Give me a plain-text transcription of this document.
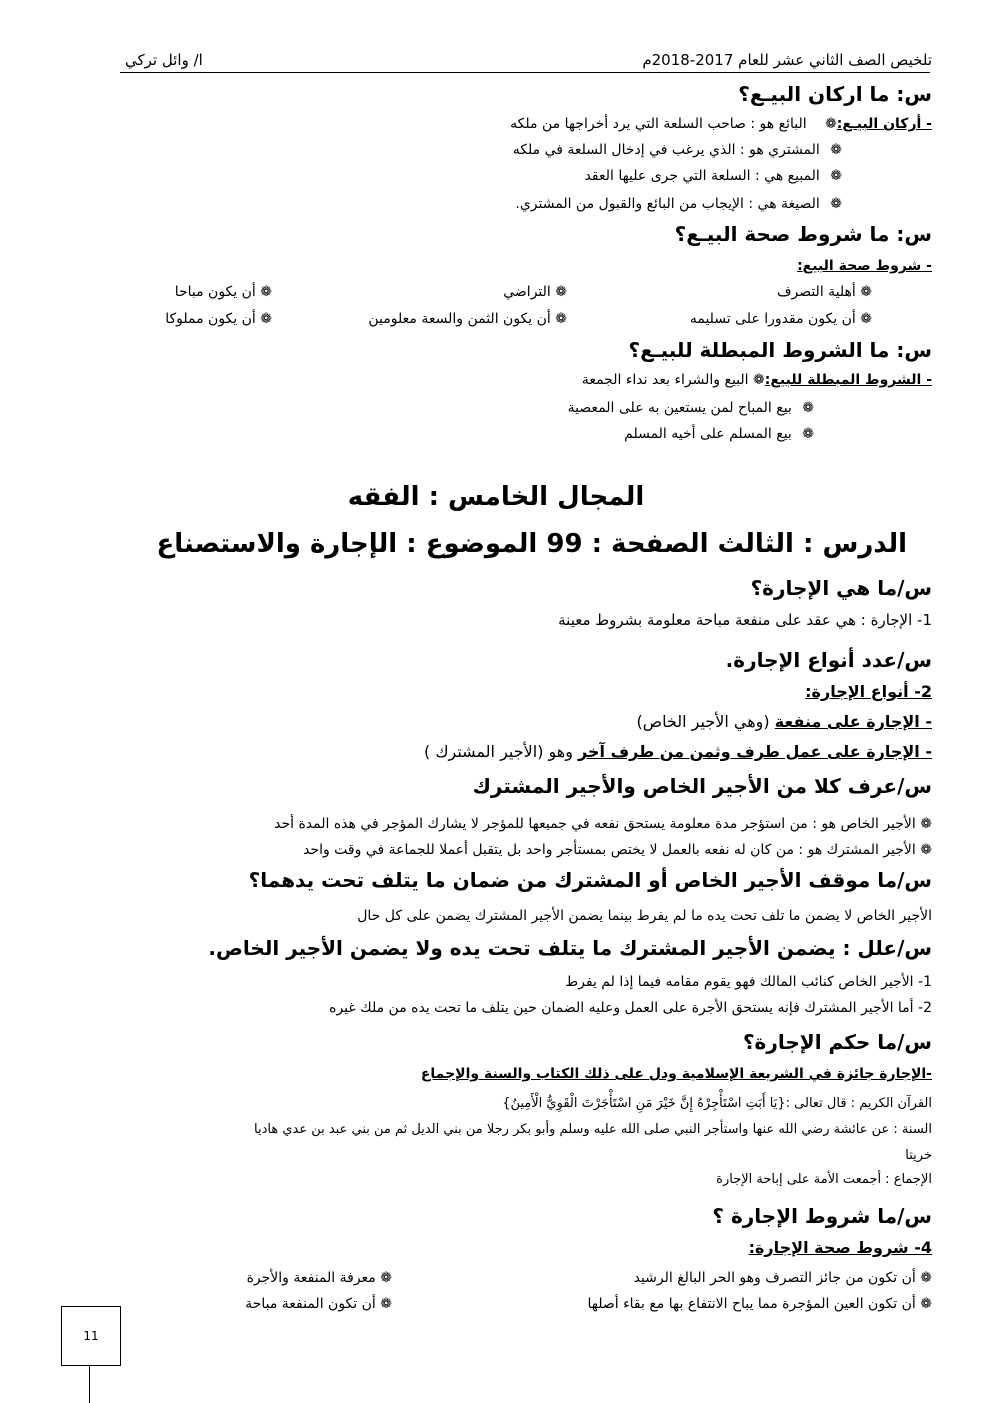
تلخيص الصف الثاني عشر للعام 2017-2018م
ا/ وائل تركي
س: ما اركان البيـع؟
- أركان البيـع:❁ البائع هو : صاحب السلعة التي يرد أخراجها من ملكه
❁ المشتري هو : الذي يرغب في إدخال السلعة في ملكه
❁ المبيع هي : السلعة التي جرى عليها العقد
❁ الصيغة هي : الإيجاب من البائع والقبول من المشتري.
س: ما شروط صحة البيـع؟
- شروط صحة البيع:
❁ أهلية التصرف
❁ التراضي
❁ أن يكون مباحا
❁ أن يكون مقدورا على تسليمه
❁ أن يكون الثمن والسعة معلومين
❁ أن يكون مملوكا
س: ما الشروط المبطلة للبيـع؟
- الشروط المبطلة للبيع:❁ البيع والشراء بعد نداء الجمعة
❁ بيع المباح لمن يستعين به على المعصية
❁ بيع المسلم على أخيه المسلم
المجال الخامس : الفقه
الدرس : الثالث الصفحة : 99 الموضوع : الإجارة والاستصناع
س/ما هي الإجارة؟
1- الإجارة : هي عقد على منفعة مباحة معلومة بشروط معينة
س/عدد أنواع الإجارة.
2- أنواع الإجارة:
- الإجارة على منفعة (وهي الأجير الخاص)
- الإجارة على عمل طرف وثمن من طرف آخر وهو (الأجير المشترك )
س/عرف كلا من الأجير الخاص والأجير المشترك
❁ الأجير الخاص هو : من استؤجر مدة معلومة يستحق نفعه في جميعها للمؤجر لا يشارك المؤجر في هذه المدة أحد
❁ الأجير المشترك هو : من كان له نفعه بالعمل لا يختص بمستأجر واحد بل يتقبل أعملا للجماعة في وقت واحد
س/ما موقف الأجير الخاص أو المشترك من ضمان ما يتلف تحت يدهما؟
الأجير الخاص لا يضمن ما تلف تحت يده ما لم يفرط بينما يضمن الأجير المشترك يضمن على كل حال
س/علل : يضمن الأجير المشترك ما يتلف تحت يده ولا يضمن الأجير الخاص.
1- الأجير الخاص كنائب المالك فهو يقوم مقامه فيما إذا لم يفرط
2- أما الأجير المشترك فإنه يستحق الأجرة على العمل وعليه الضمان حين يتلف ما تحت يده من ملك غيره
س/ما حكم الإجارة؟
-الإجارة جائزة في الشريعة الإسلامية ودل على ذلك الكتاب والسنة والإجماع
القرآن الكريم : قال تعالى :{يَا أَبَتِ اسْتَأْجِرْهُ إِنَّ خَيْرَ مَنِ اسْتَأْجَرْتَ الْقَوِيُّ الْأَمِينُ}
السنة : عن عائشة رضي الله عنها واستأجر النبي صلى الله عليه وسلم وأبو بكر رجلا من بني الديل ثم من بني عبد بن عدي هاديا
خريتا
الإجماع : أجمعت الأمة على إباحة الإجارة
س/ما شروط الإجارة ؟
4- شروط صحة الإجارة:
❁ أن تكون من جائز التصرف وهو الحر البالغ الرشيد
❁ معرفة المنفعة والأجرة
❁ أن تكون العين المؤجرة مما يباح الانتفاع بها مع بقاء أصلها
❁ أن تكون المنفعة مباحة
11
